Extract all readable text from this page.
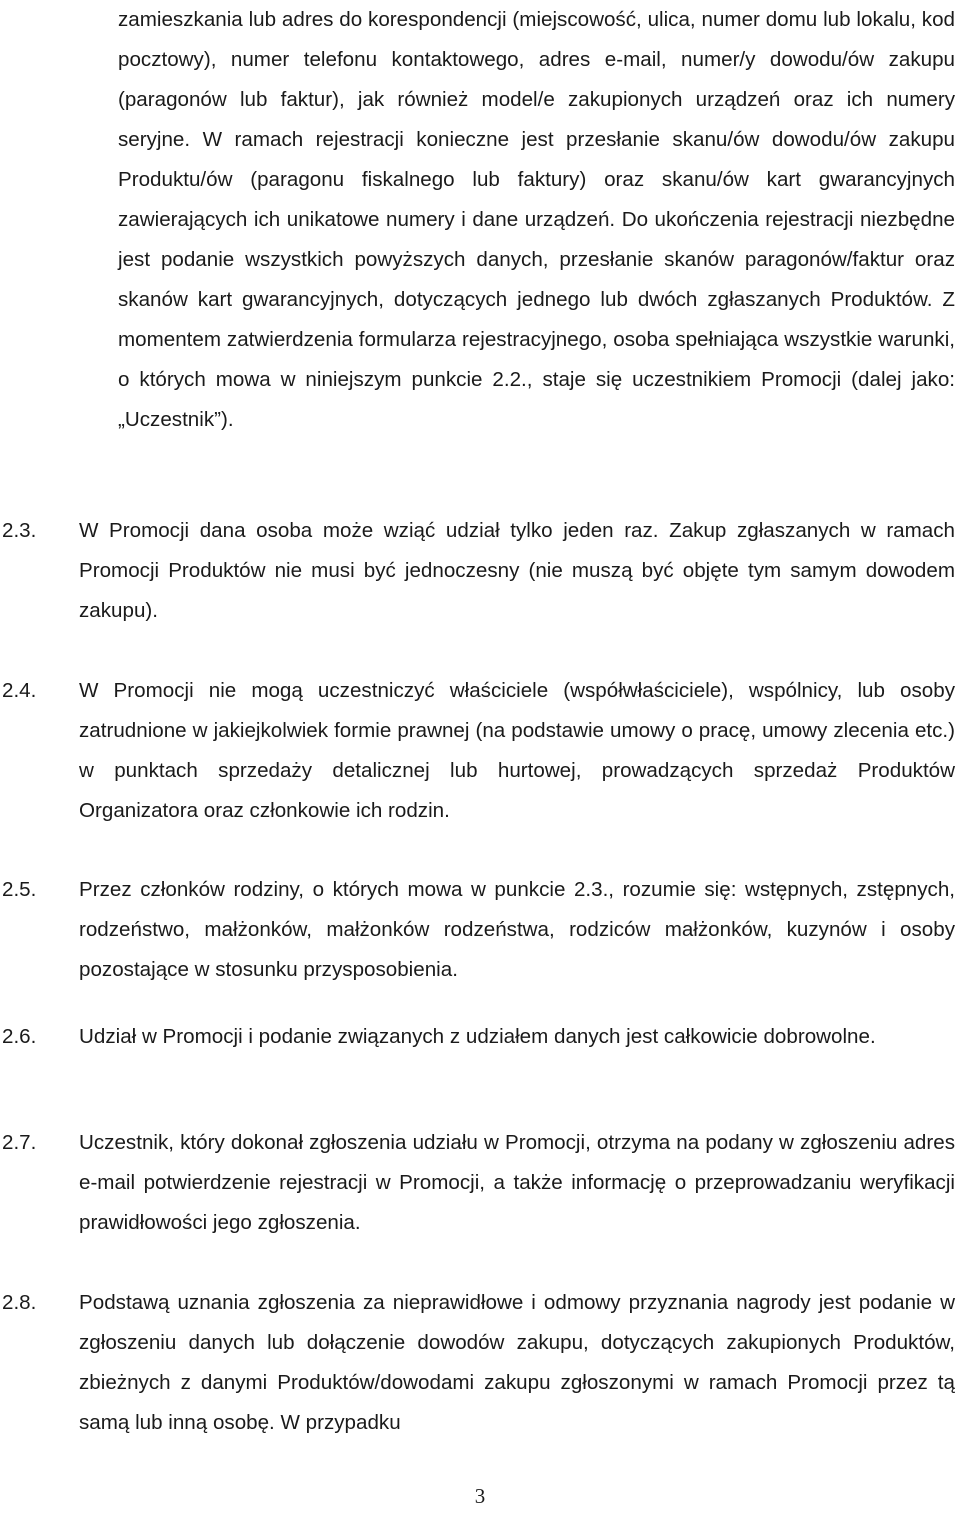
zamieszkania lub adres do korespondencji (miejscowość, ulica, numer domu lub lokalu, kod pocztowy), numer telefonu kontaktowego, adres e-mail, numer/y dowodu/ów zakupu (paragonów lub faktur), jak również model/e zakupionych urządzeń oraz ich numery seryjne. W ramach rejestracji konieczne jest przesłanie skanu/ów dowodu/ów zakupu Produktu/ów (paragonu fiskalnego lub faktury) oraz skanu/ów kart gwarancyjnych zawierających ich unikatowe numery i dane urządzeń. Do ukończenia rejestracji niezbędne jest podanie wszystkich powyższych danych, przesłanie skanów paragonów/faktur oraz skanów kart gwarancyjnych, dotyczących jednego lub dwóch zgłaszanych Produktów. Z momentem zatwierdzenia formularza rejestracyjnego, osoba spełniająca wszystkie warunki, o których mowa w niniejszym punkcie 2.2., staje się uczestnikiem Promocji (dalej jako: „Uczestnik”).
2.3.	W Promocji dana osoba może wziąć udział tylko jeden raz. Zakup zgłaszanych w ramach Promocji Produktów nie musi być jednoczesny (nie muszą być objęte tym samym dowodem zakupu).
2.4.	W Promocji nie mogą uczestniczyć właściciele (współwłaściciele), wspólnicy, lub osoby zatrudnione w jakiejkolwiek formie prawnej (na podstawie umowy o pracę, umowy zlecenia etc.) w punktach sprzedaży detalicznej lub hurtowej, prowadzących sprzedaż Produktów Organizatora oraz członkowie ich rodzin.
2.5.	Przez członków rodziny, o których mowa w punkcie 2.3., rozumie się: wstępnych, zstępnych, rodzeństwo, małżonków, małżonków rodzeństwa, rodziców małżonków, kuzynów i osoby pozostające w stosunku przysposobienia.
2.6.	Udział w Promocji i podanie związanych z udziałem danych jest całkowicie dobrowolne.
2.7.	Uczestnik, który dokonał zgłoszenia udziału w Promocji, otrzyma na podany w zgłoszeniu adres e-mail potwierdzenie rejestracji w Promocji, a także informację o przeprowadzaniu weryfikacji prawidłowości jego zgłoszenia.
2.8.	Podstawą uznania zgłoszenia za nieprawidłowe i odmowy przyznania nagrody jest podanie w zgłoszeniu danych lub dołączenie dowodów zakupu, dotyczących zakupionych Produktów, zbieżnych z danymi Produktów/dowodami zakupu zgłoszonymi w ramach Promocji przez tą samą lub inną osobę. W przypadku
3
